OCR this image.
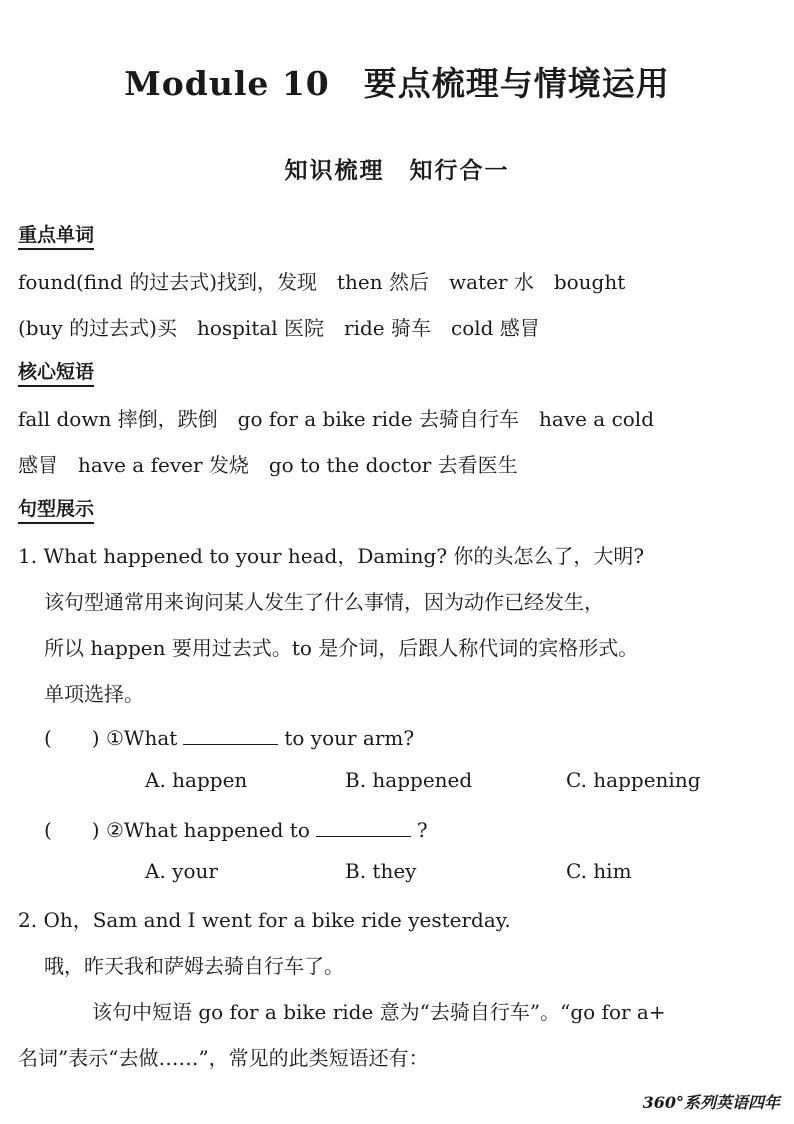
Module 10　要点梳理与情境运用
知识梳理　知行合一
重点单词
found(find 的过去式)找到，发现　then 然后　water 水　bought
(buy 的过去式)买　hospital 医院　ride 骑车　cold 感冒
核心短语
fall down 摔倒，跌倒　go for a bike ride 去骑自行车　have a cold
感冒　have a fever 发烧　go to the doctor 去看医生
句型展示
1. What happened to your head，Daming? 你的头怎么了，大明?
该句型通常用来询问某人发生了什么事情，因为动作已经发生，
所以 happen 要用过去式。to 是介词，后跟人称代词的宾格形式。
单项选择。
(　　) ①What	to your arm?
A. happen	B. happened	C. happening
(　　) ②What happened to	?
A. your	B. they	C. him
2. Oh，Sam and I went for a bike ride yesterday.
哦，昨天我和萨姆去骑自行车了。
该句中短语 go for a bike ride 意为“去骑自行车”。“go for a+
名词”表示“去做……”，常见的此类短语还有：
360°系列英语四年
